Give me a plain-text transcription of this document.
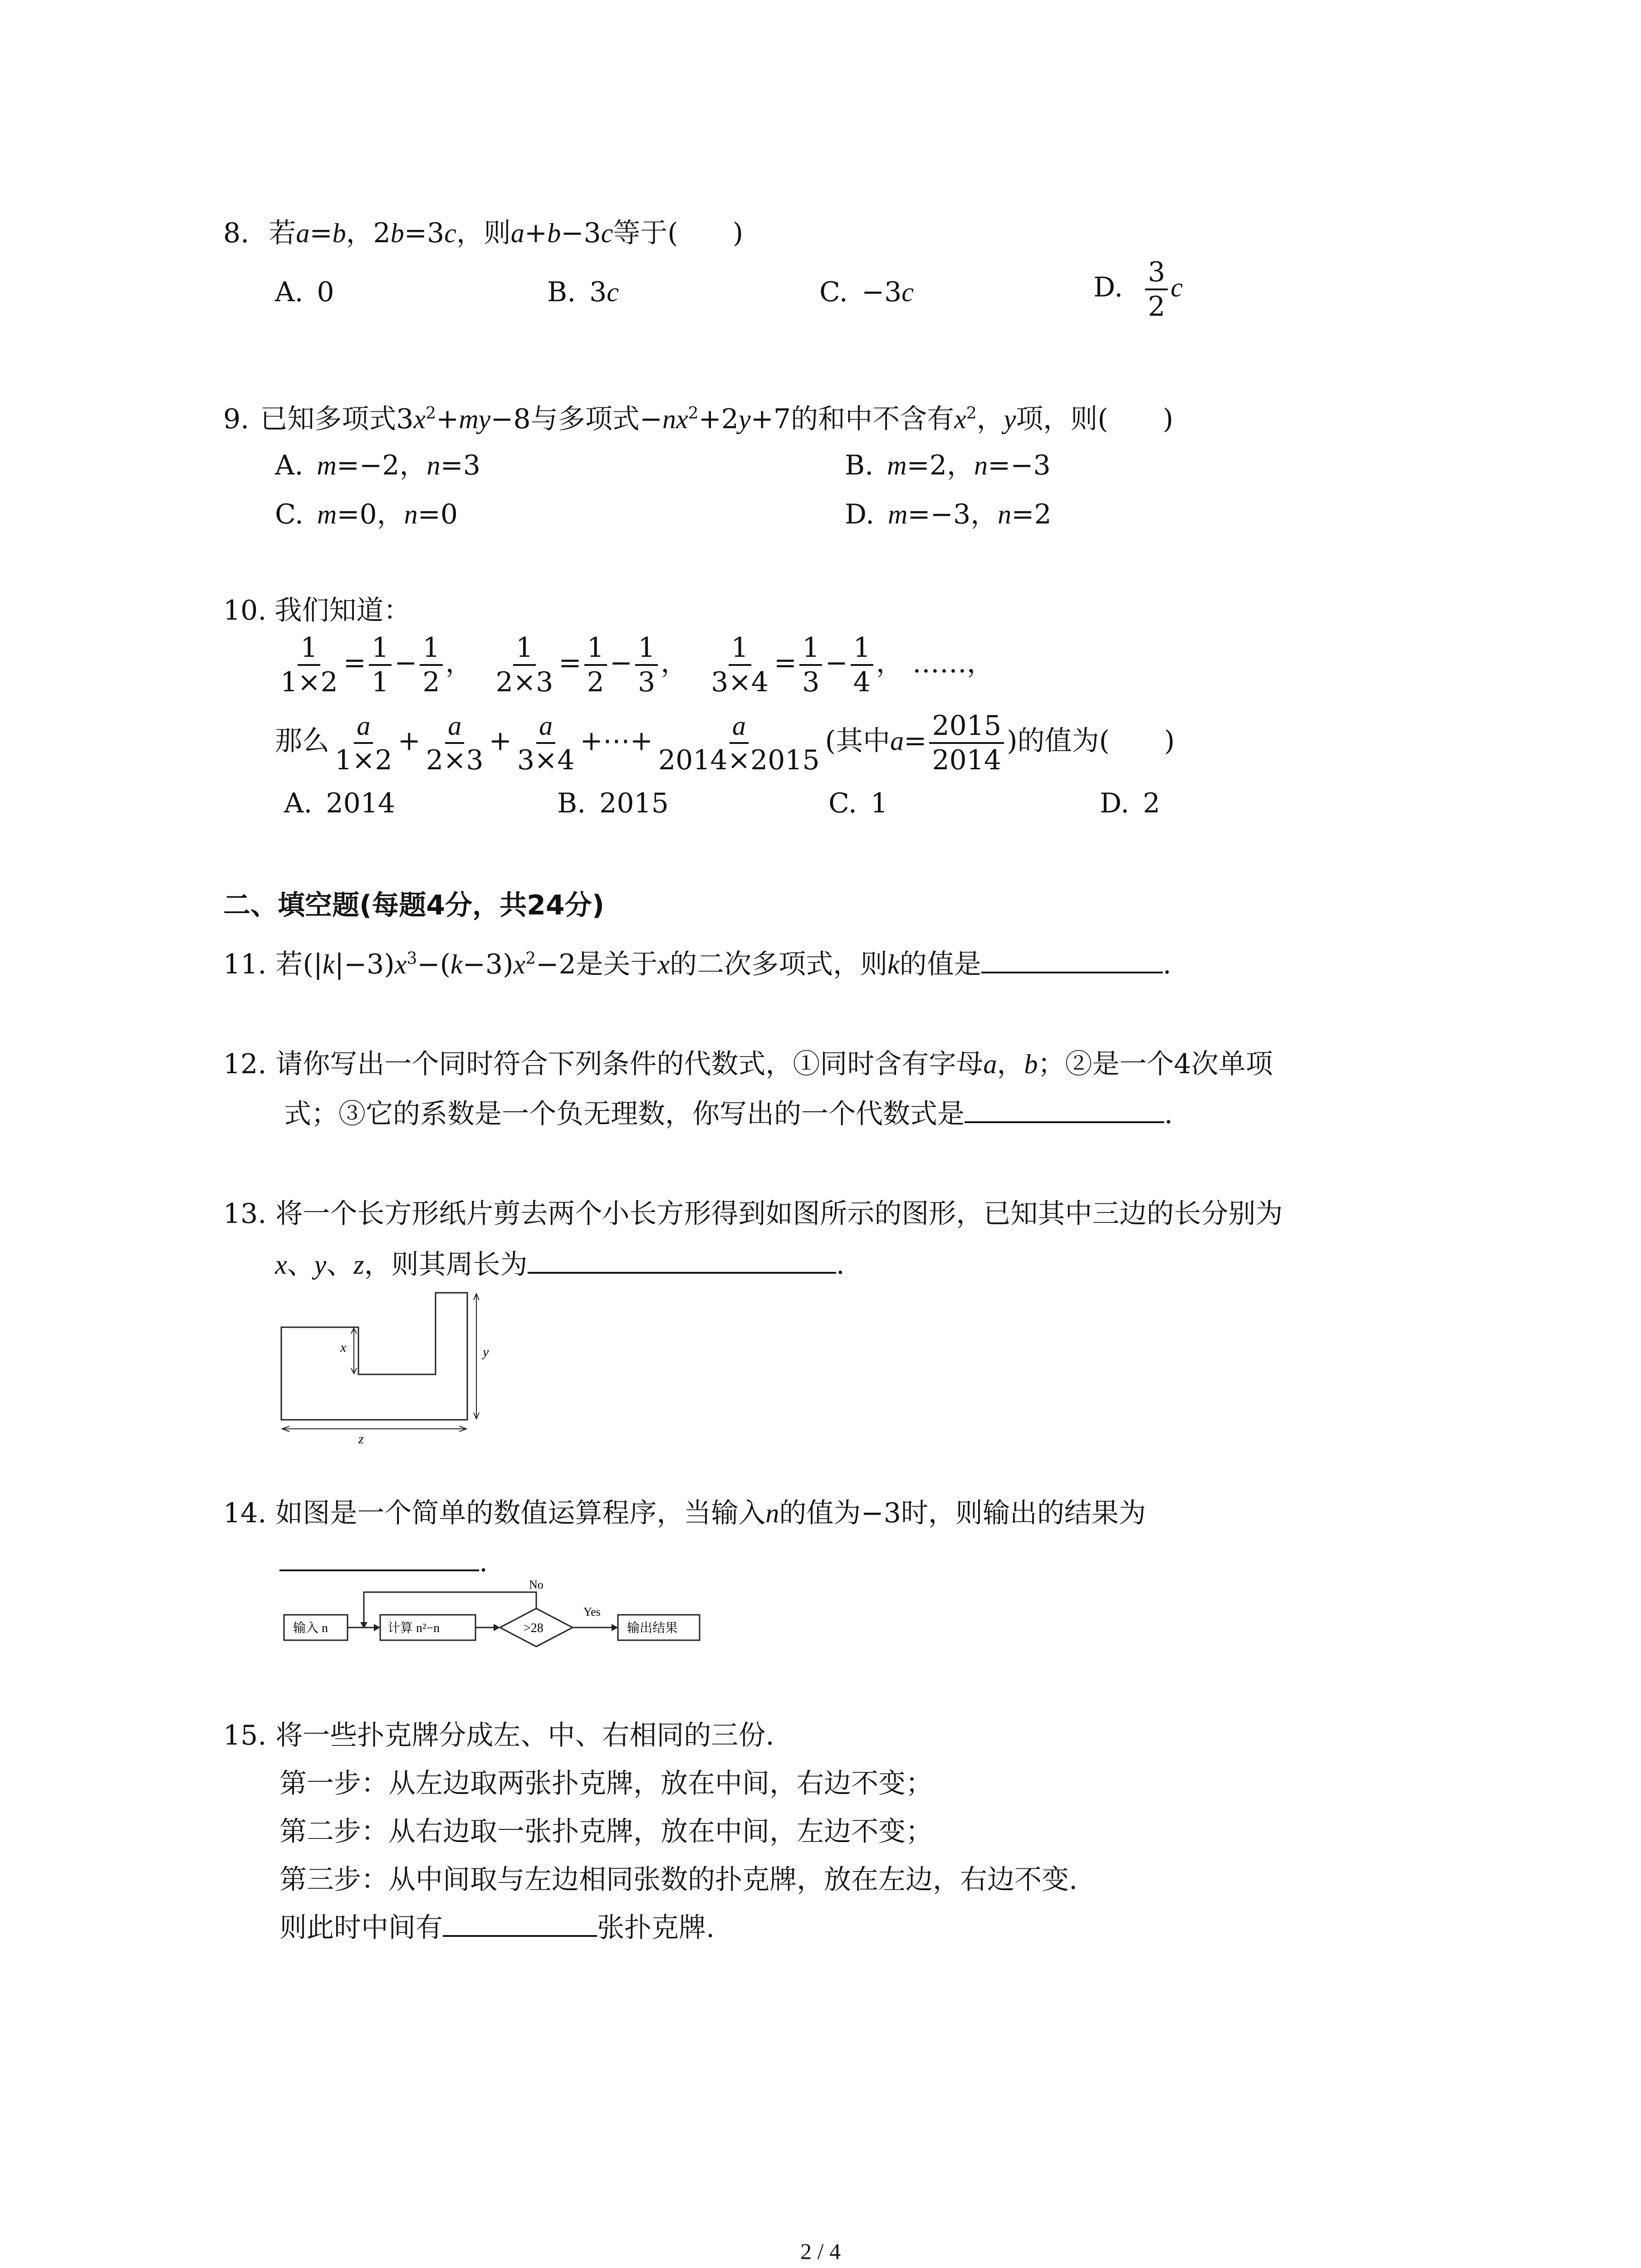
8. 若a=b，2b=3c，则a+b−3c等于( )
A. 0	B. 3c	C. −3c	D. $\frac{3}{2}$ c
9. 已知多项式$3x^2+my-8$与多项式$-nx^2+2y+7$的和中不含有$x^2$，y项，则( )
A. m=−2，n=3	B. m=2，n=−3
C. m=0，n=0	D. m=−3，n=2
10. 我们知道：
$\frac{1}{1\times 2} = \frac{1}{1} - \frac{1}{2}$ ， $\frac{1}{2\times 3} = \frac{1}{2} - \frac{1}{3}$ ， $\frac{1}{3\times 4} = \frac{1}{3} - \frac{1}{4}$ ， ……，
那么 $\frac{a}{1\times 2} + \frac{a}{2\times 3} + \frac{a}{3\times 4}$ +⋯+ $\frac{a}{2014\times 2015}$ (其中$a= \frac{2015}{2014}$ )的值为( )
A. 2014	B. 2015	C. 1	D. 2
二、填空题(每题4分，共24分)
11. 若$(|k|-3)x^3-(k-3)x^2-2$是关于x的二次多项式，则k的值是	.
12. 请你写出一个同时符合下列条件的代数式，①同时含有字母a，b；②是一个4次单项
式；③它的系数是一个负无理数，你写出的一个代数式是	.
13. 将一个长方形纸片剪去两个小长方形得到如图所示的图形，已知其中三边的长分别为
x、y、z，则其周长为	.
x	y
z
14. 如图是一个简单的数值运算程序，当输入n的值为−3时，则输出的结果为
.
输入 n	计算 n²−n	>28
No
Yes
输出结果
15. 将一些扑克牌分成左、中、右相同的三份.
第一步：从左边取两张扑克牌，放在中间，右边不变；
第二步：从右边取一张扑克牌，放在中间，左边不变；
第三步：从中间取与左边相同张数的扑克牌，放在左边，右边不变.
则此时中间有	张扑克牌.
2 / 4
